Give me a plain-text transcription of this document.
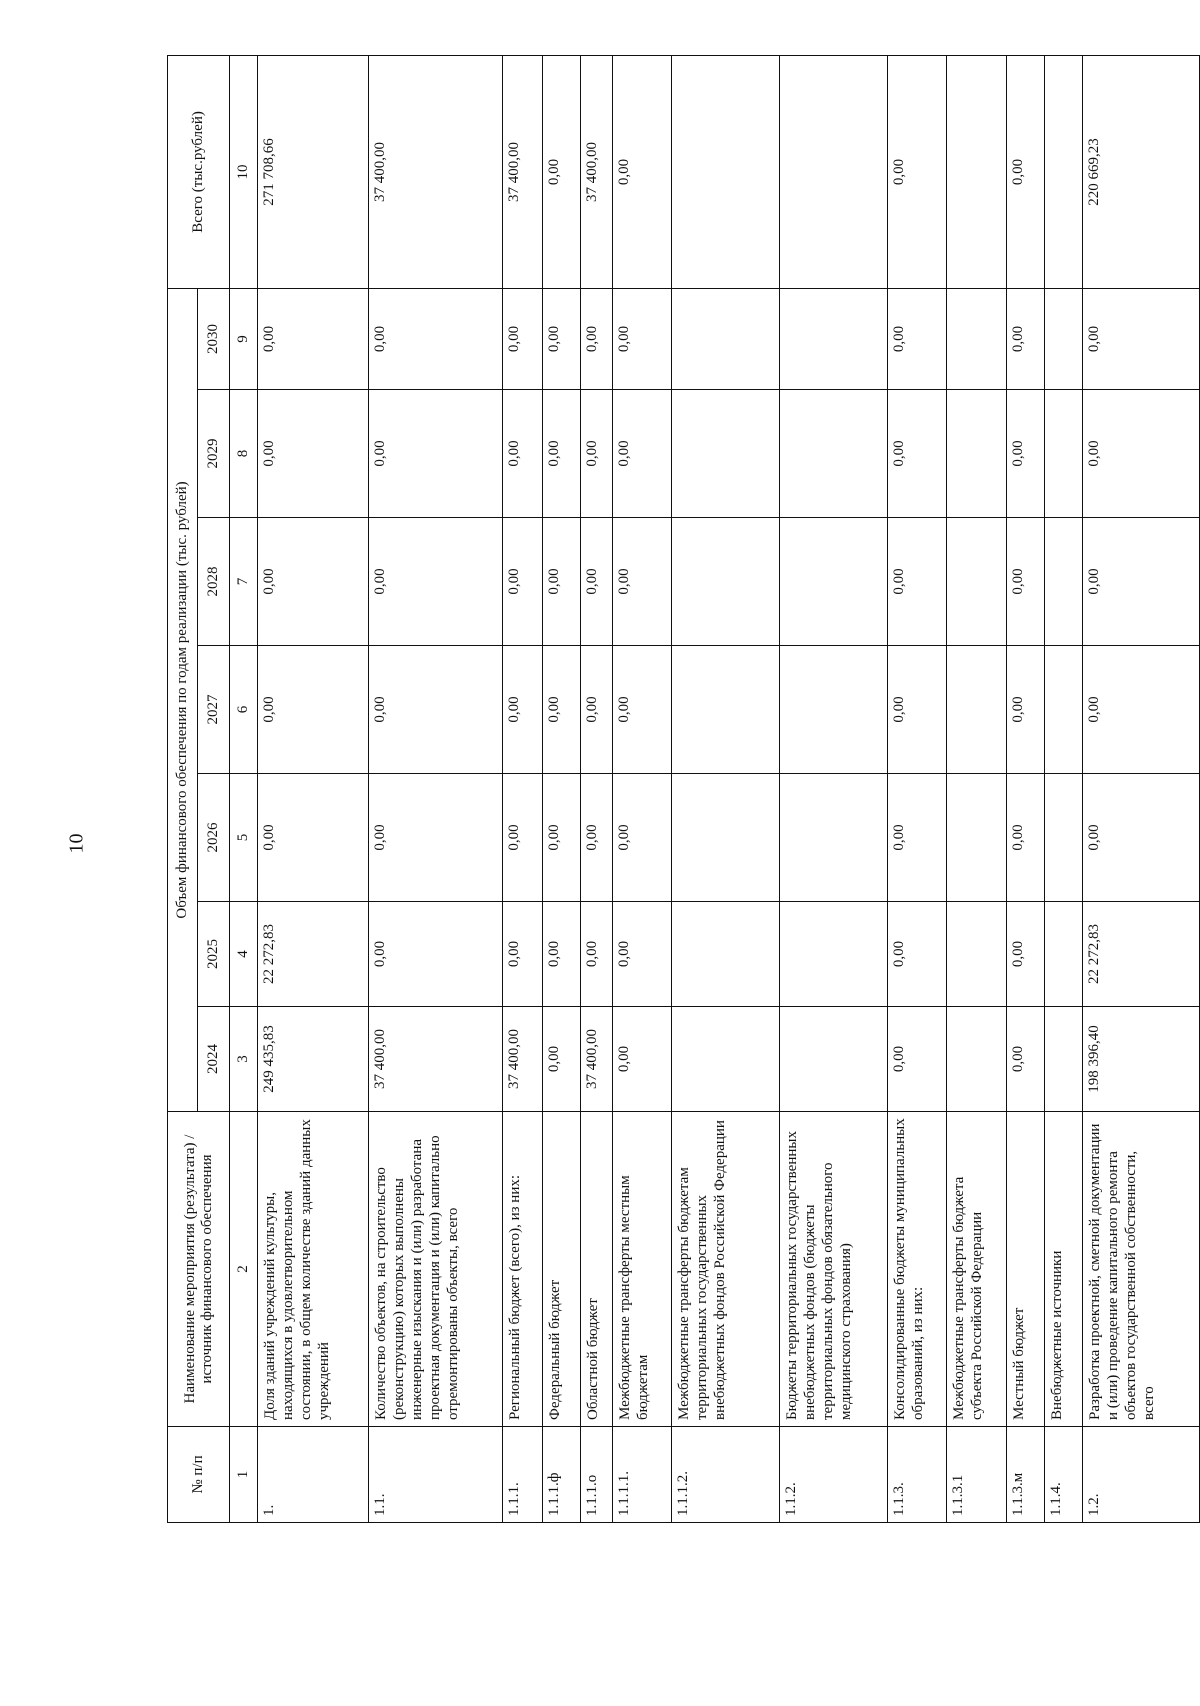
10
№ п/п	Наименование мероприятия (результата) / источник финансового обеспечения	Объем финансового обеспечения по годам реализации (тыс. рублей)							Всего (тыс.рублей)
		2024	2025	2026	2027	2028	2029	2030	
1	2	3	4	5	6	7	8	9	10
1.	Доля зданий учреждений культуры, находящихся в удовлетворительном состоянии, в общем количестве зданий данных учреждений	249 435,83	22 272,83	0,00	0,00	0,00	0,00	0,00	271 708,66
1.1.	Количество объектов, на строительство (реконструкцию) которых выполнены инженерные изыскания и (или) разработана проектная документация и (или) капитально отремонтированы объекты, всего	37 400,00	0,00	0,00	0,00	0,00	0,00	0,00	37 400,00
1.1.1.	Региональный бюджет (всего), из них:	37 400,00	0,00	0,00	0,00	0,00	0,00	0,00	37 400,00
1.1.1.ф	Федеральный бюджет	0,00	0,00	0,00	0,00	0,00	0,00	0,00	0,00
1.1.1.о	Областной бюджет	37 400,00	0,00	0,00	0,00	0,00	0,00	0,00	37 400,00
1.1.1.1.	Межбюджетные трансферты местным бюджетам	0,00	0,00	0,00	0,00	0,00	0,00	0,00	0,00
1.1.1.2.	Межбюджетные трансферты бюджетам территориальных государственных внебюджетных фондов Российской Федерации								
1.1.2.	Бюджеты территориальных государственных внебюджетных фондов (бюджеты территориальных фондов обязательного медицинского страхования)								
1.1.3.	Консолидированные бюджеты муниципальных образований, из них:	0,00	0,00	0,00	0,00	0,00	0,00	0,00	0,00
1.1.3.1	Межбюджетные трансферты бюджета субъекта Российской Федерации								
1.1.3.м	Местный бюджет	0,00	0,00	0,00	0,00	0,00	0,00	0,00	0,00
1.1.4.	Внебюджетные источники								
1.2.	Разработка проектной, сметной документации и (или) проведение капитального ремонта объектов государственной собственности, всего	198 396,40	22 272,83	0,00	0,00	0,00	0,00	0,00	220 669,23
